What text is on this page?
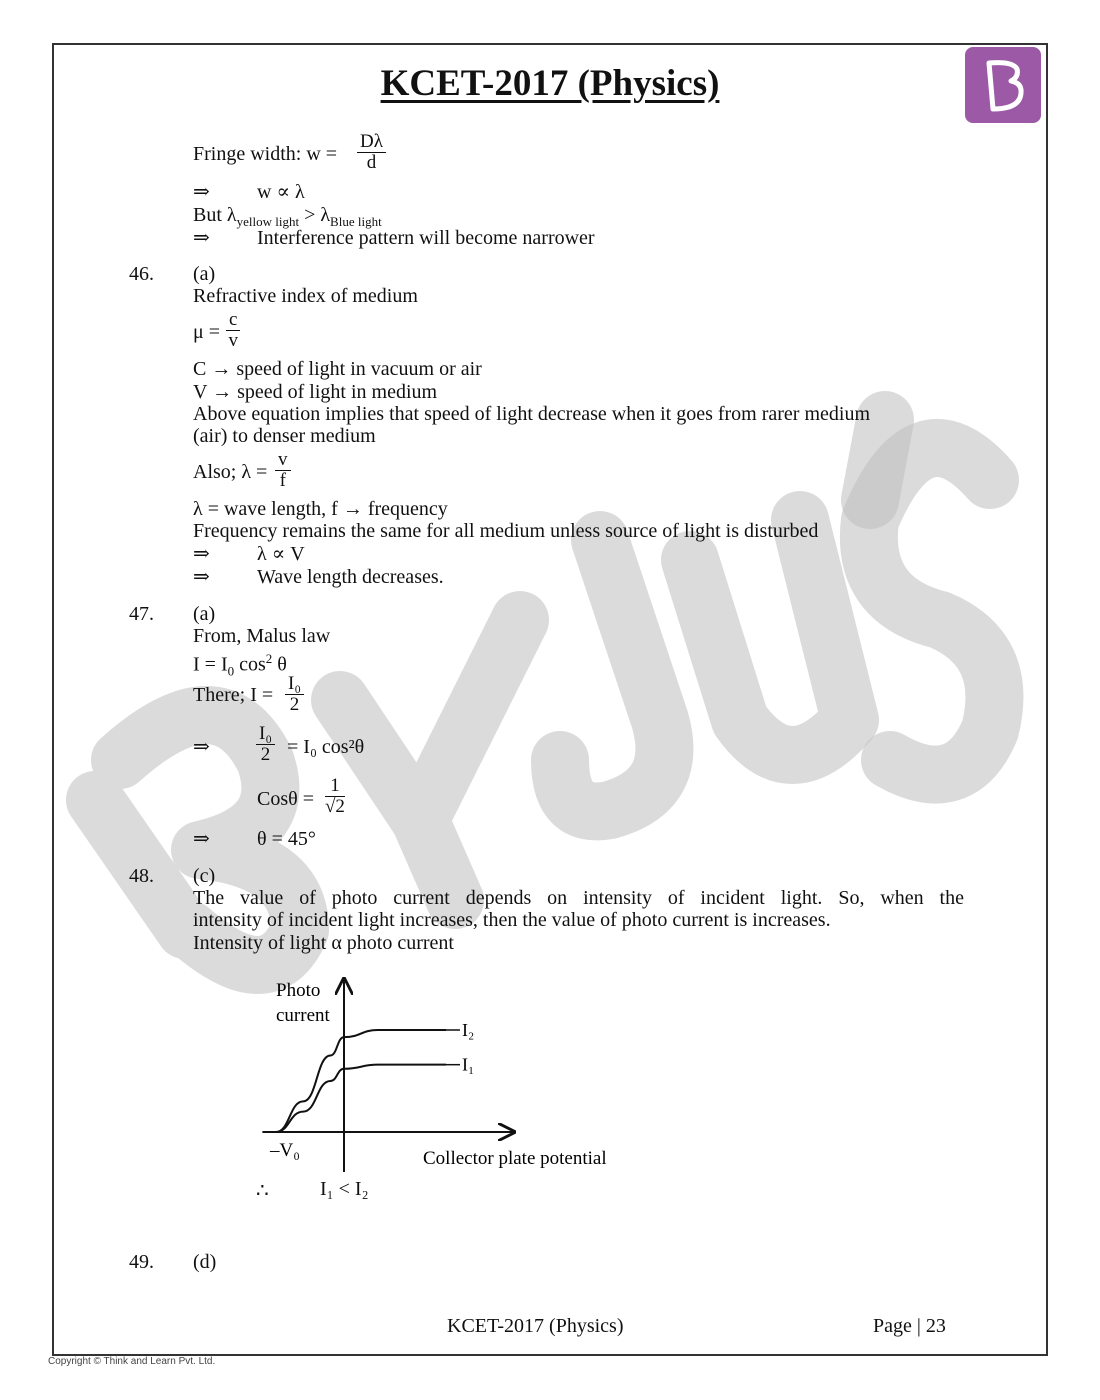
KCET-2017 (Physics)
Fringe width: $w = \frac{D\lambda}{d}$
⇒ w ∝ λ
But $\lambda_{yellow light} > \lambda_{Blue light}$
⇒ Interference pattern will become narrower
46. (a)
Refractive index of medium
$\mu = \frac{c}{v}$
C → speed of light in vacuum or air
V → speed of light in medium
Above equation implies that speed of light decrease when it goes from rarer medium
(air) to denser medium
Also; $\lambda = \frac{v}{f}$
λ = wave length, f → frequency
Frequency remains the same for all medium unless source of light is disturbed
⇒ λ ∝ V
⇒ Wave length decreases.
47. (a)
From, Malus law
$I = I_0$ $\cos^2 \theta$
There; $I = \frac{\text{I₀}}{2}$
⇒ $\frac{\text{I₀}}{2} = I_0$ cos²θ
$Cos\theta = \frac{1}{√2}$
⇒ θ = 45°
48. (c)
The value of photo current depends on intensity of incident light. So, when the
intensity of incident light increases, then the value of photo current is increases.
Intensity of light α photo current
I₂
I₁
Photo
current
Collector plate potential
–V₀
∴	I₁ < I₂
49. (d)
KCET-2017 (Physics)	Page | 23
Copyright © Think and Learn Pvt. Ltd.
